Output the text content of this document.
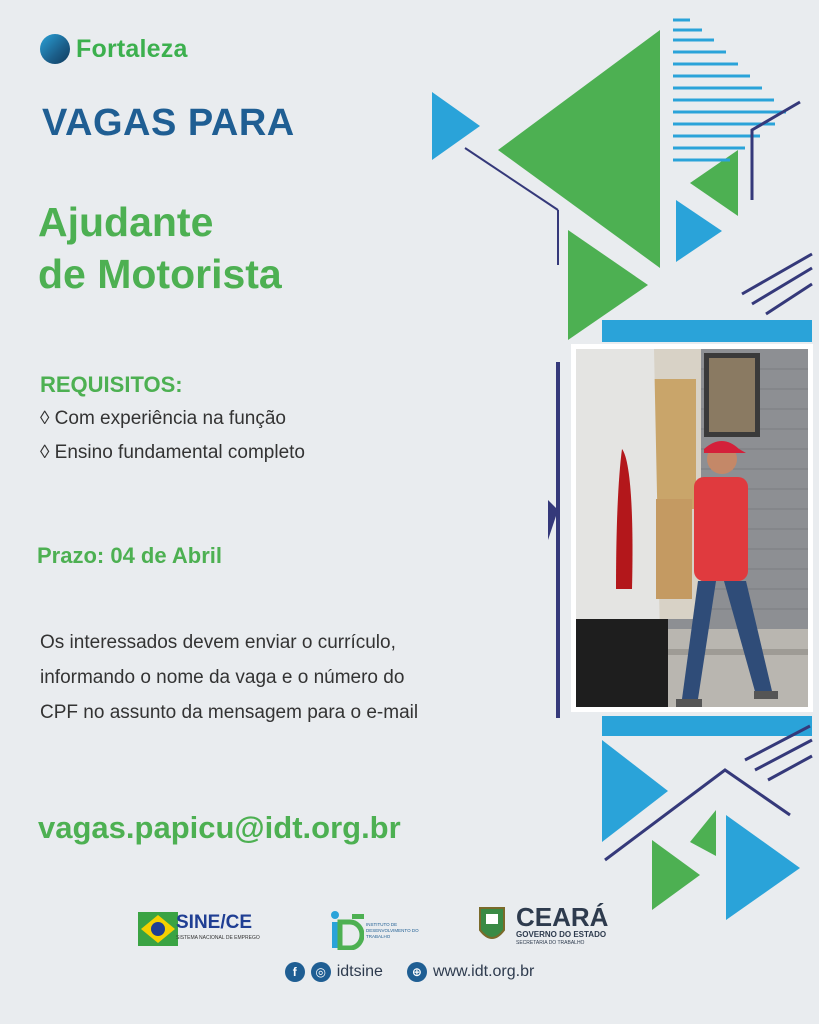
Fortaleza
VAGAS PARA
Ajudante
de Motorista
REQUISITOS:
◊ Com experiência na função
◊ Ensino fundamental completo
Prazo: 04 de Abril
Os interessados devem enviar o currículo, informando o nome da vaga e o número do CPF no assunto da mensagem para o e-mail
vagas.papicu@idt.org.br
SINE/CE
SISTEMA NACIONAL DE EMPREGO
INSTITUTO DE DESENVOLVIMENTO DO TRABALHO
CEARÁ
GOVERNO DO ESTADO
SECRETARIA DO TRABALHO
f	◎ idtsine	⊕ www.idt.org.br
